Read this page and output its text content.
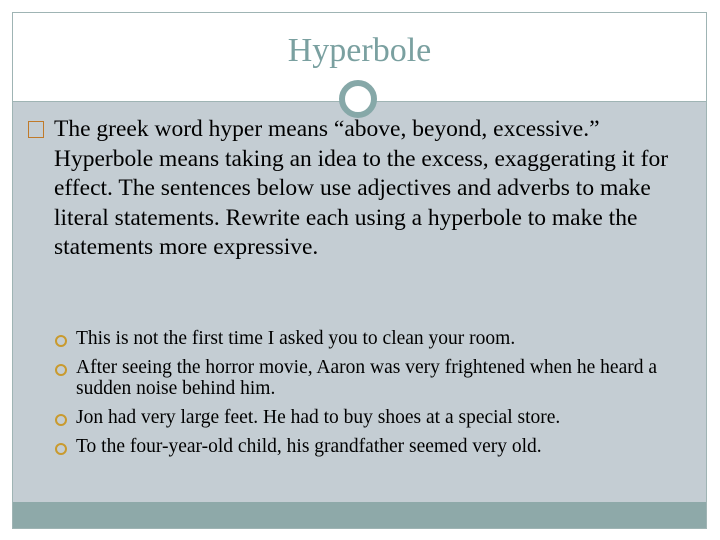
Hyperbole
The greek word hyper means “above, beyond, excessive.” Hyperbole means taking an idea to the excess, exaggerating it for effect. The sentences below use adjectives and adverbs to make literal statements. Rewrite each using a hyperbole to make the statements more expressive.
This is not the first time I asked you to clean your room.
After seeing the horror movie, Aaron was very frightened when he heard a sudden noise behind him.
Jon had very large feet. He had to buy shoes at a special store.
To the four-year-old child, his grandfather seemed very old.
